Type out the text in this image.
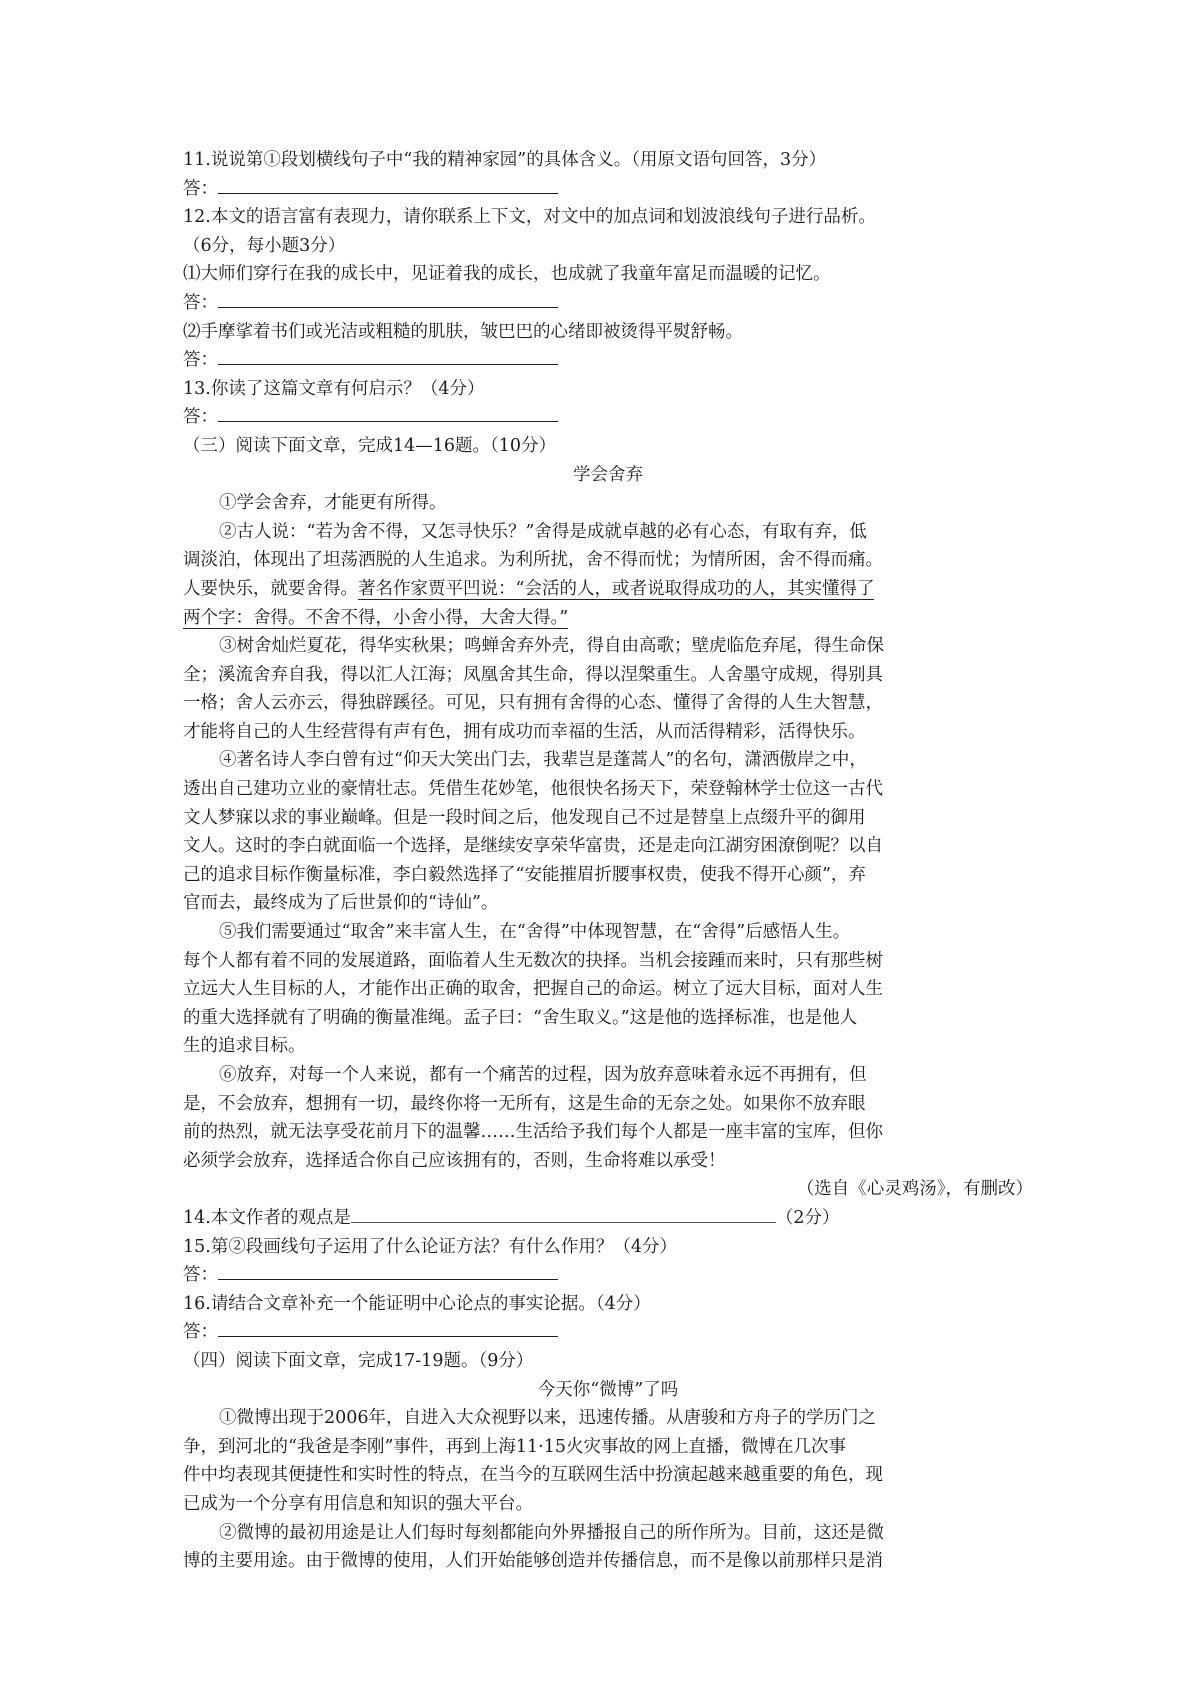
11.说说第①段划横线句子中“我的精神家园”的具体含义。（用原文语句回答，3分）
答：
12.本文的语言富有表现力，请你联系上下文，对文中的加点词和划波浪线句子进行品析。
（6分，每小题3分）
⑴大师们穿行在我的成长中，见证着我的成长，也成就了我童年富足而温暖的记忆。
答：
⑵手摩挲着书们或光洁或粗糙的肌肤，皱巴巴的心绪即被烫得平熨舒畅。
答：
13.你读了这篇文章有何启示？（4分）
答：
（三）阅读下面文章，完成14—16题。（10分）
学会舍弃
①学会舍弃，才能更有所得。
②古人说：“若为舍不得，又怎寻快乐？”舍得是成就卓越的必有心态，有取有弃，低
调淡泊，体现出了坦荡洒脱的人生追求。为利所扰，舍不得而忧；为情所困，舍不得而痛。
人要快乐，就要舍得。著名作家贾平凹说：“会活的人，或者说取得成功的人，其实懂得了
两个字：舍得。不舍不得，小舍小得，大舍大得。”
③树舍灿烂夏花，得华实秋果；鸣蝉舍弃外壳，得自由高歌；壁虎临危弃尾，得生命保
全；溪流舍弃自我，得以汇人江海；凤凰舍其生命，得以涅槃重生。人舍墨守成规，得别具
一格；舍人云亦云，得独辟蹊径。可见，只有拥有舍得的心态、懂得了舍得的人生大智慧，
才能将自己的人生经营得有声有色，拥有成功而幸福的生活，从而活得精彩，活得快乐。
④著名诗人李白曾有过“仰天大笑出门去，我辈岂是蓬蒿人”的名句，潇洒傲岸之中，
透出自己建功立业的豪情壮志。凭借生花妙笔，他很快名扬天下，荣登翰林学士位这一古代
文人梦寐以求的事业巅峰。但是一段时间之后，他发现自己不过是替皇上点缀升平的御用
文人。这时的李白就面临一个选择，是继续安享荣华富贵，还是走向江湖穷困潦倒呢？以自
己的追求目标作衡量标准，李白毅然选择了“安能摧眉折腰事权贵，使我不得开心颜”，弃
官而去，最终成为了后世景仰的“诗仙”。
⑤我们需要通过“取舍”来丰富人生，在“舍得”中体现智慧，在“舍得”后感悟人生。
每个人都有着不同的发展道路，面临着人生无数次的抉择。当机会接踵而来时，只有那些树
立远大人生目标的人，才能作出正确的取舍，把握自己的命运。树立了远大目标，面对人生
的重大选择就有了明确的衡量准绳。孟子曰：“舍生取义。”这是他的选择标准，也是他人
生的追求目标。
⑥放弃，对每一个人来说，都有一个痛苦的过程，因为放弃意味着永远不再拥有，但
是，不会放弃，想拥有一切，最终你将一无所有，这是生命的无奈之处。如果你不放弃眼
前的热烈，就无法享受花前月下的温馨……生活给予我们每个人都是一座丰富的宝库，但你
必须学会放弃，选择适合你自己应该拥有的，否则，生命将难以承受！
（选自《心灵鸡汤》，有删改）
14.本文作者的观点是	（2分）
15.第②段画线句子运用了什么论证方法？有什么作用？（4分）
答：
16.请结合文章补充一个能证明中心论点的事实论据。（4分）
答：
（四）阅读下面文章，完成17-19题。（9分）
今天你“微博”了吗
①微博出现于2006年，自进入大众视野以来，迅速传播。从唐骏和方舟子的学历门之
争，到河北的“我爸是李刚”事件，再到上海11·15火灾事故的网上直播，微博在几次事
件中均表现其便捷性和实时性的特点，在当今的互联网生活中扮演起越来越重要的角色，现
已成为一个分享有用信息和知识的强大平台。
②微博的最初用途是让人们每时每刻都能向外界播报自己的所作所为。目前，这还是微
博的主要用途。由于微博的使用，人们开始能够创造并传播信息，而不是像以前那样只是消
